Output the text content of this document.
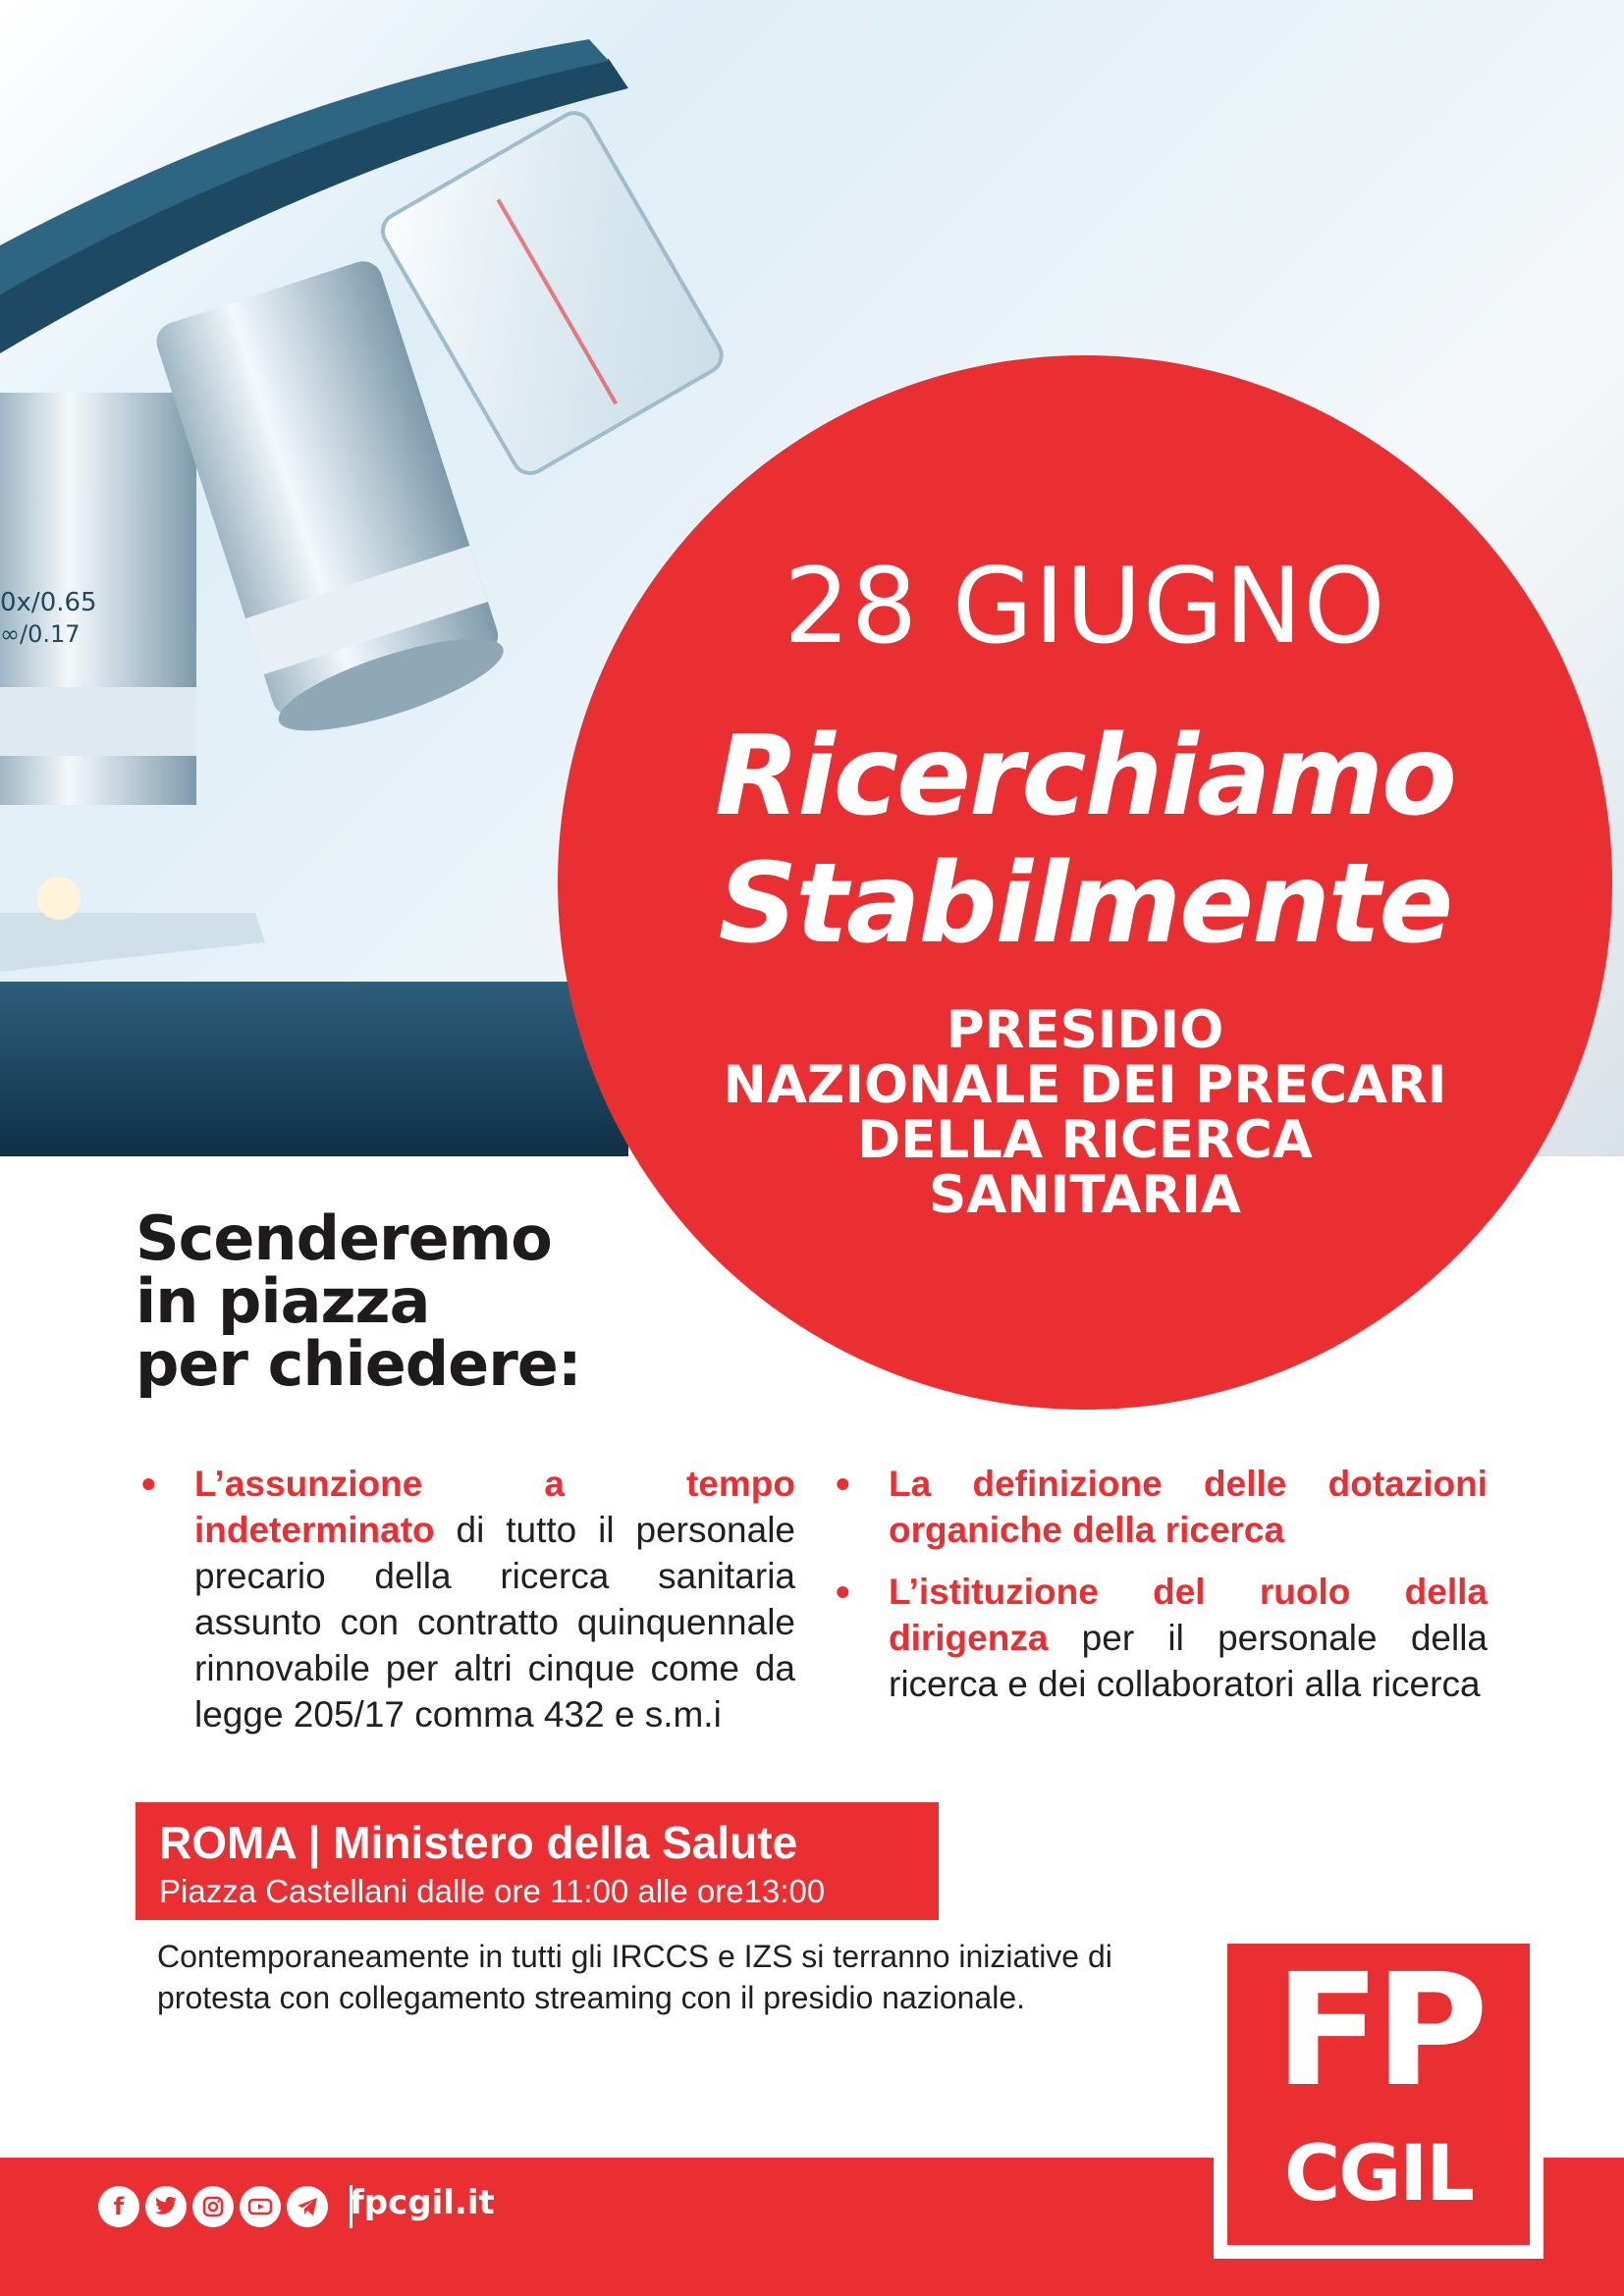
0x/0.65
∞/0.17	28 GIUGNO

Ricerchiamo
Stabilmente
PRESIDIO
NAZIONALE DEI PRECARI
DELLA RICERCA
SANITARIA
Scenderemo
in piazza
per chiedere:
• L’assunzione a tempo indeterminato di tutto il personale precario della ricerca sanitaria assunto con contratto quinquennale rinnovabile per altri cinque come da legge 205/17 comma 432 e s.m.i
• La definizione delle dotazioni organiche della ricerca
• L’istituzione del ruolo della dirigenza per il personale della ricerca e dei collaboratori alla ricerca

ROMA | Ministero della Salute

Piazza Castellani dalle ore 11:00 alle ore13:00
Contemporaneamente in tutti gli IRCCS e IZS si terranno iniziative di protesta con collegamento streaming con il presidio nazionale.
f	fpcgil.it
FP
CGIL
